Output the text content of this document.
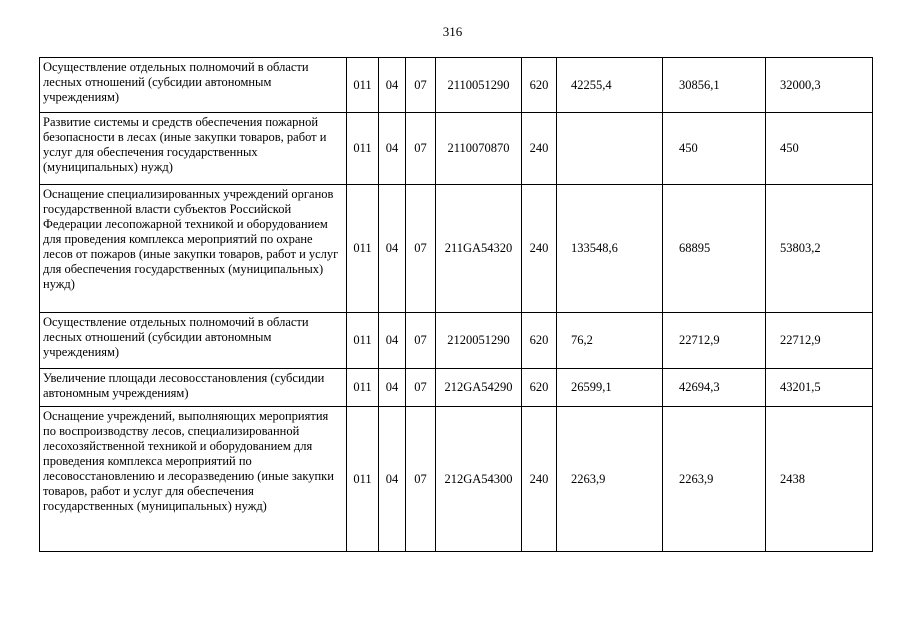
316
Осуществление отдельных полномочий в области лесных отношений (субсидии автономным учреждениям)	011	04	07	2110051290	620	42255,4	30856,1	32000,3
Развитие системы и средств обеспечения пожарной безопасности в лесах (иные закупки товаров, работ и услуг для обеспечения государственных (муниципальных) нужд)	011	04	07	2110070870	240		450	450
Оснащение специализированных учреждений органов государственной власти субъектов Российской Федерации лесопожарной техникой и оборудованием для проведения комплекса мероприятий по охране лесов от пожаров (иные закупки товаров, работ и услуг для обеспечения государственных (муниципальных) нужд)	011	04	07	211GA54320	240	133548,6	68895	53803,2
Осуществление отдельных полномочий в области лесных отношений (субсидии автономным учреждениям)	011	04	07	2120051290	620	76,2	22712,9	22712,9
Увеличение площади лесовосстановления (субсидии автономным учреждениям)	011	04	07	212GA54290	620	26599,1	42694,3	43201,5
Оснащение учреждений, выполняющих мероприятия по воспроизводству лесов, специализированной лесохозяйственной техникой и оборудованием для проведения комплекса мероприятий по лесовосстановлению и лесоразведению (иные закупки товаров, работ и услуг для обеспечения государственных (муниципальных) нужд)	011	04	07	212GA54300	240	2263,9	2263,9	2438
